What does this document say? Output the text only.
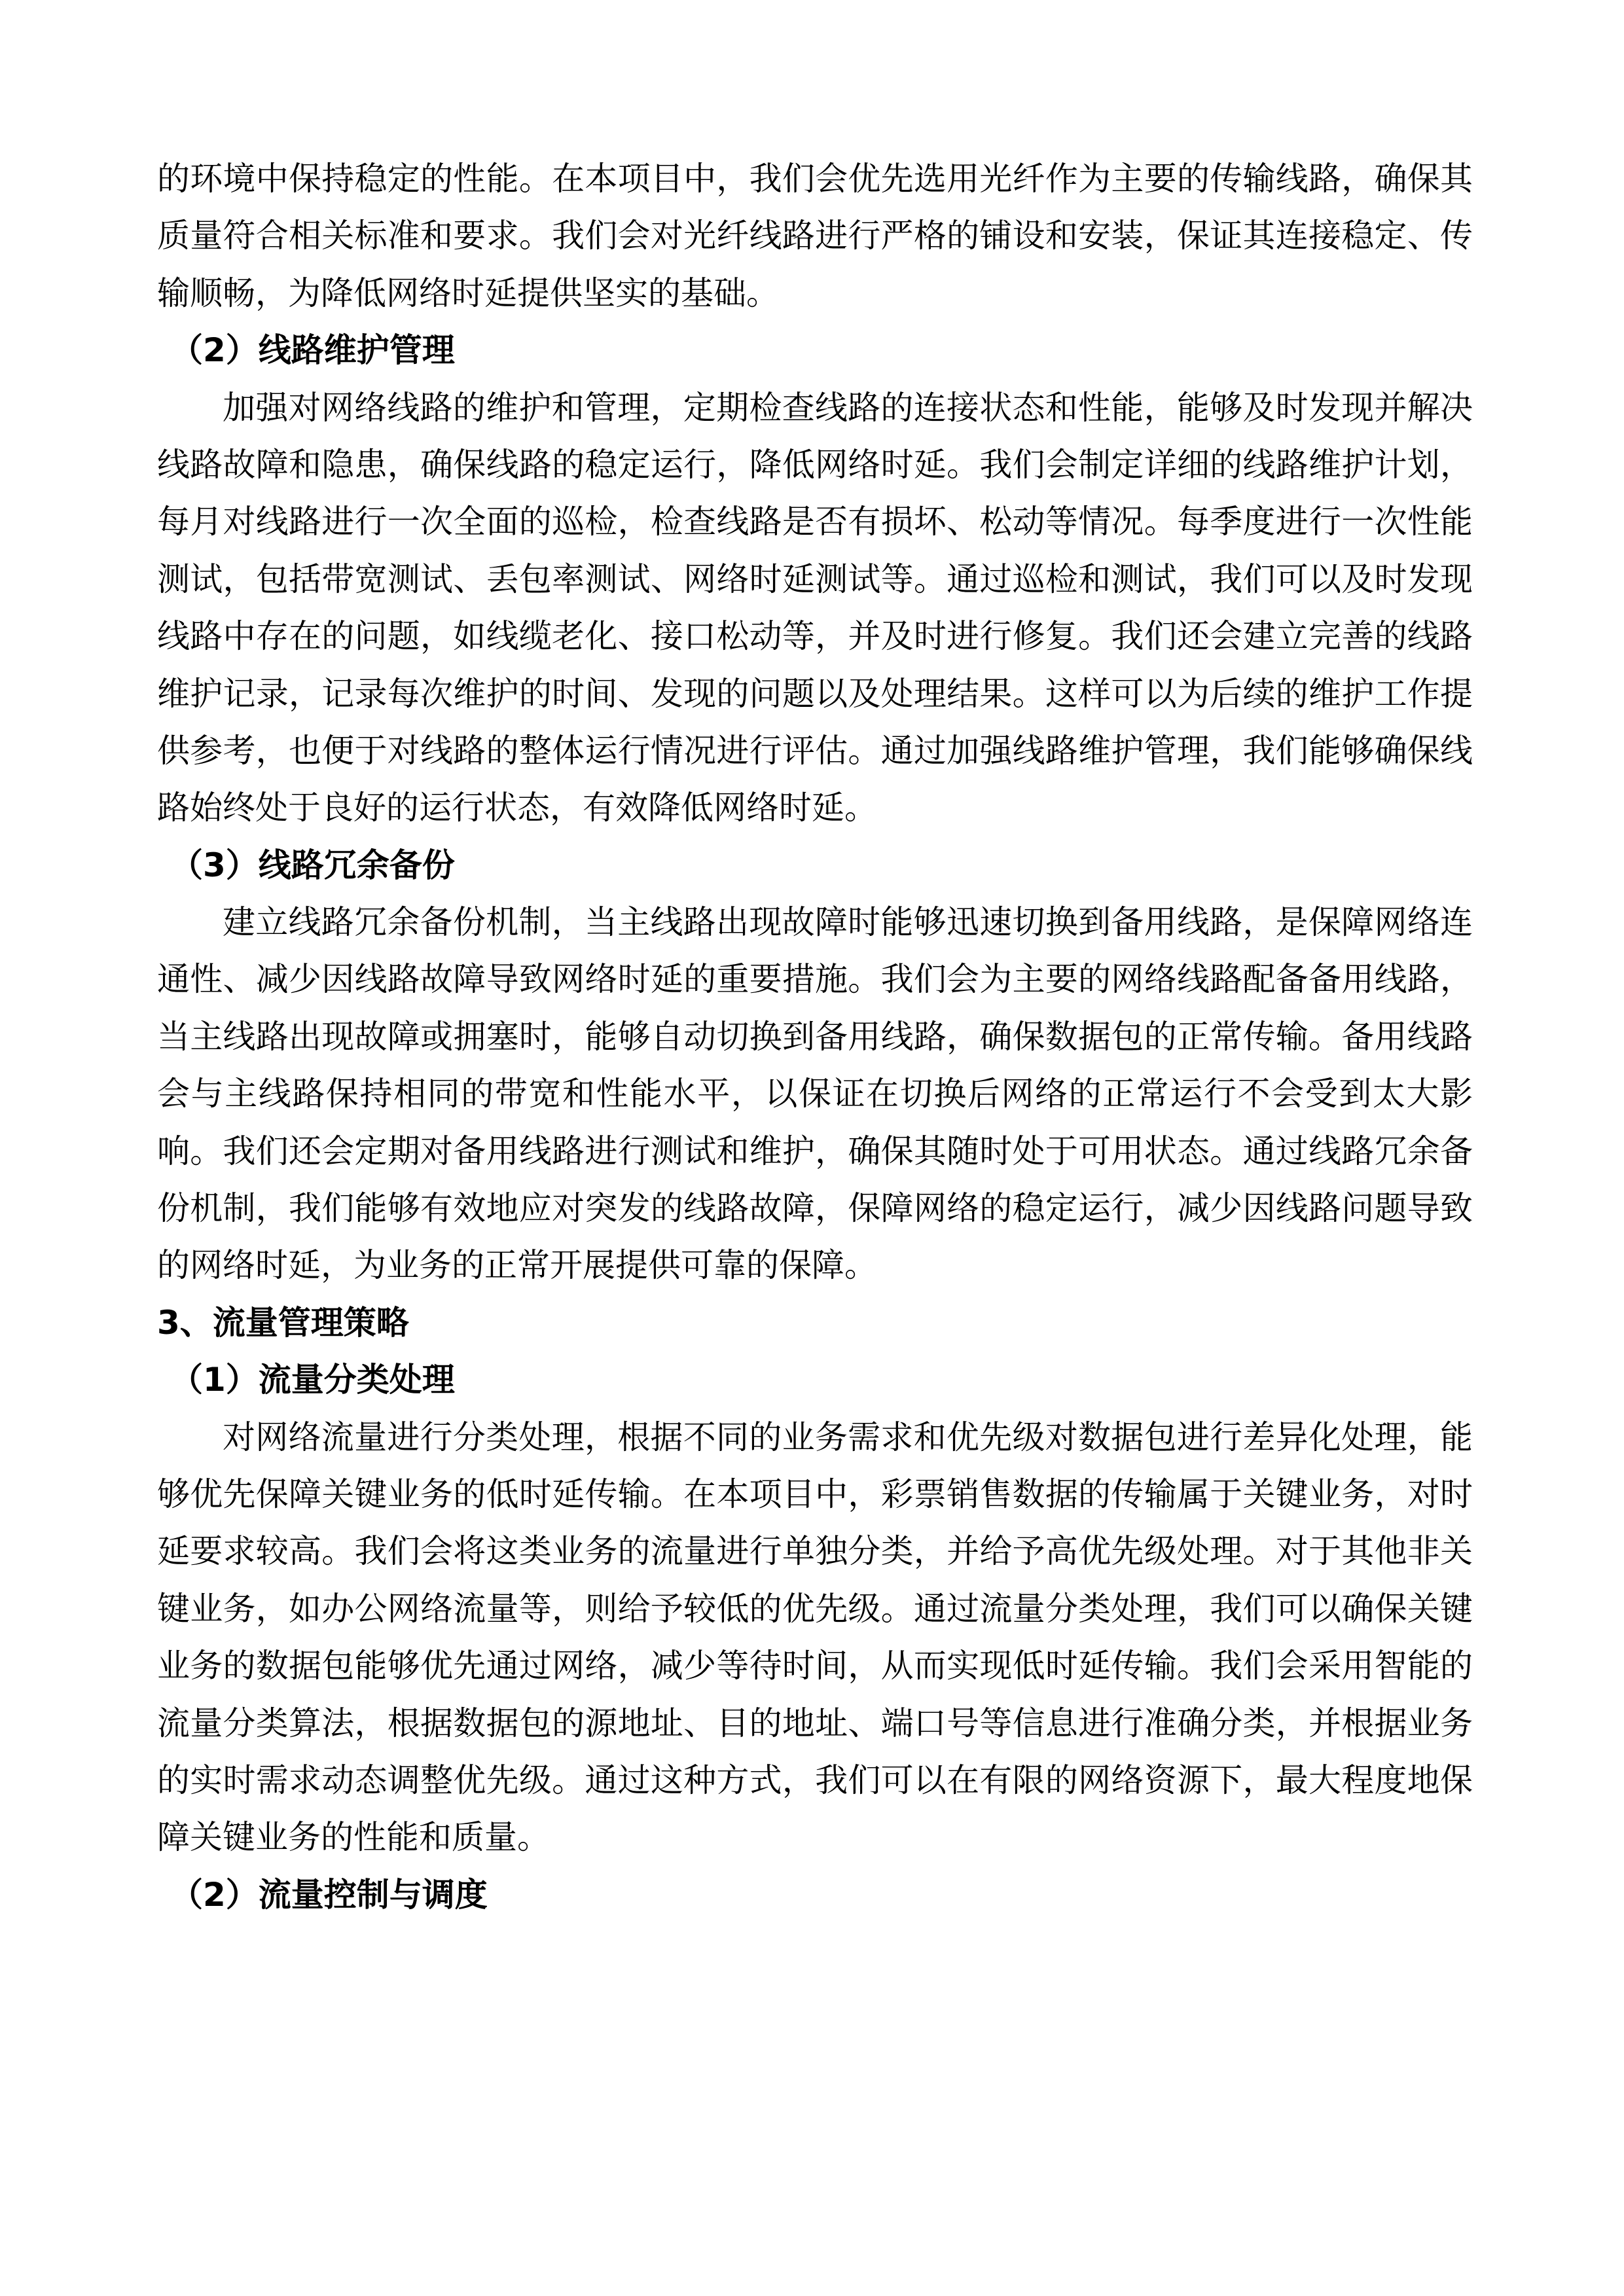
的环境中保持稳定的性能。在本项目中，我们会优先选用光纤作为主要的传输线路，确保其
质量符合相关标准和要求。我们会对光纤线路进行严格的铺设和安装，保证其连接稳定、传
输顺畅，为降低网络时延提供坚实的基础。
（2）线路维护管理
加强对网络线路的维护和管理，定期检查线路的连接状态和性能，能够及时发现并解决
线路故障和隐患，确保线路的稳定运行，降低网络时延。我们会制定详细的线路维护计划，
每月对线路进行一次全面的巡检，检查线路是否有损坏、松动等情况。每季度进行一次性能
测试，包括带宽测试、丢包率测试、网络时延测试等。通过巡检和测试，我们可以及时发现
线路中存在的问题，如线缆老化、接口松动等，并及时进行修复。我们还会建立完善的线路
维护记录，记录每次维护的时间、发现的问题以及处理结果。这样可以为后续的维护工作提
供参考，也便于对线路的整体运行情况进行评估。通过加强线路维护管理，我们能够确保线
路始终处于良好的运行状态，有效降低网络时延。
（3）线路冗余备份
建立线路冗余备份机制，当主线路出现故障时能够迅速切换到备用线路，是保障网络连
通性、减少因线路故障导致网络时延的重要措施。我们会为主要的网络线路配备备用线路，
当主线路出现故障或拥塞时，能够自动切换到备用线路，确保数据包的正常传输。备用线路
会与主线路保持相同的带宽和性能水平，以保证在切换后网络的正常运行不会受到太大影
响。我们还会定期对备用线路进行测试和维护，确保其随时处于可用状态。通过线路冗余备
份机制，我们能够有效地应对突发的线路故障，保障网络的稳定运行，减少因线路问题导致
的网络时延，为业务的正常开展提供可靠的保障。
3、流量管理策略
（1）流量分类处理
对网络流量进行分类处理，根据不同的业务需求和优先级对数据包进行差异化处理，能
够优先保障关键业务的低时延传输。在本项目中，彩票销售数据的传输属于关键业务，对时
延要求较高。我们会将这类业务的流量进行单独分类，并给予高优先级处理。对于其他非关
键业务，如办公网络流量等，则给予较低的优先级。通过流量分类处理，我们可以确保关键
业务的数据包能够优先通过网络，减少等待时间，从而实现低时延传输。我们会采用智能的
流量分类算法，根据数据包的源地址、目的地址、端口号等信息进行准确分类，并根据业务
的实时需求动态调整优先级。通过这种方式，我们可以在有限的网络资源下，最大程度地保
障关键业务的性能和质量。
（2）流量控制与调度
